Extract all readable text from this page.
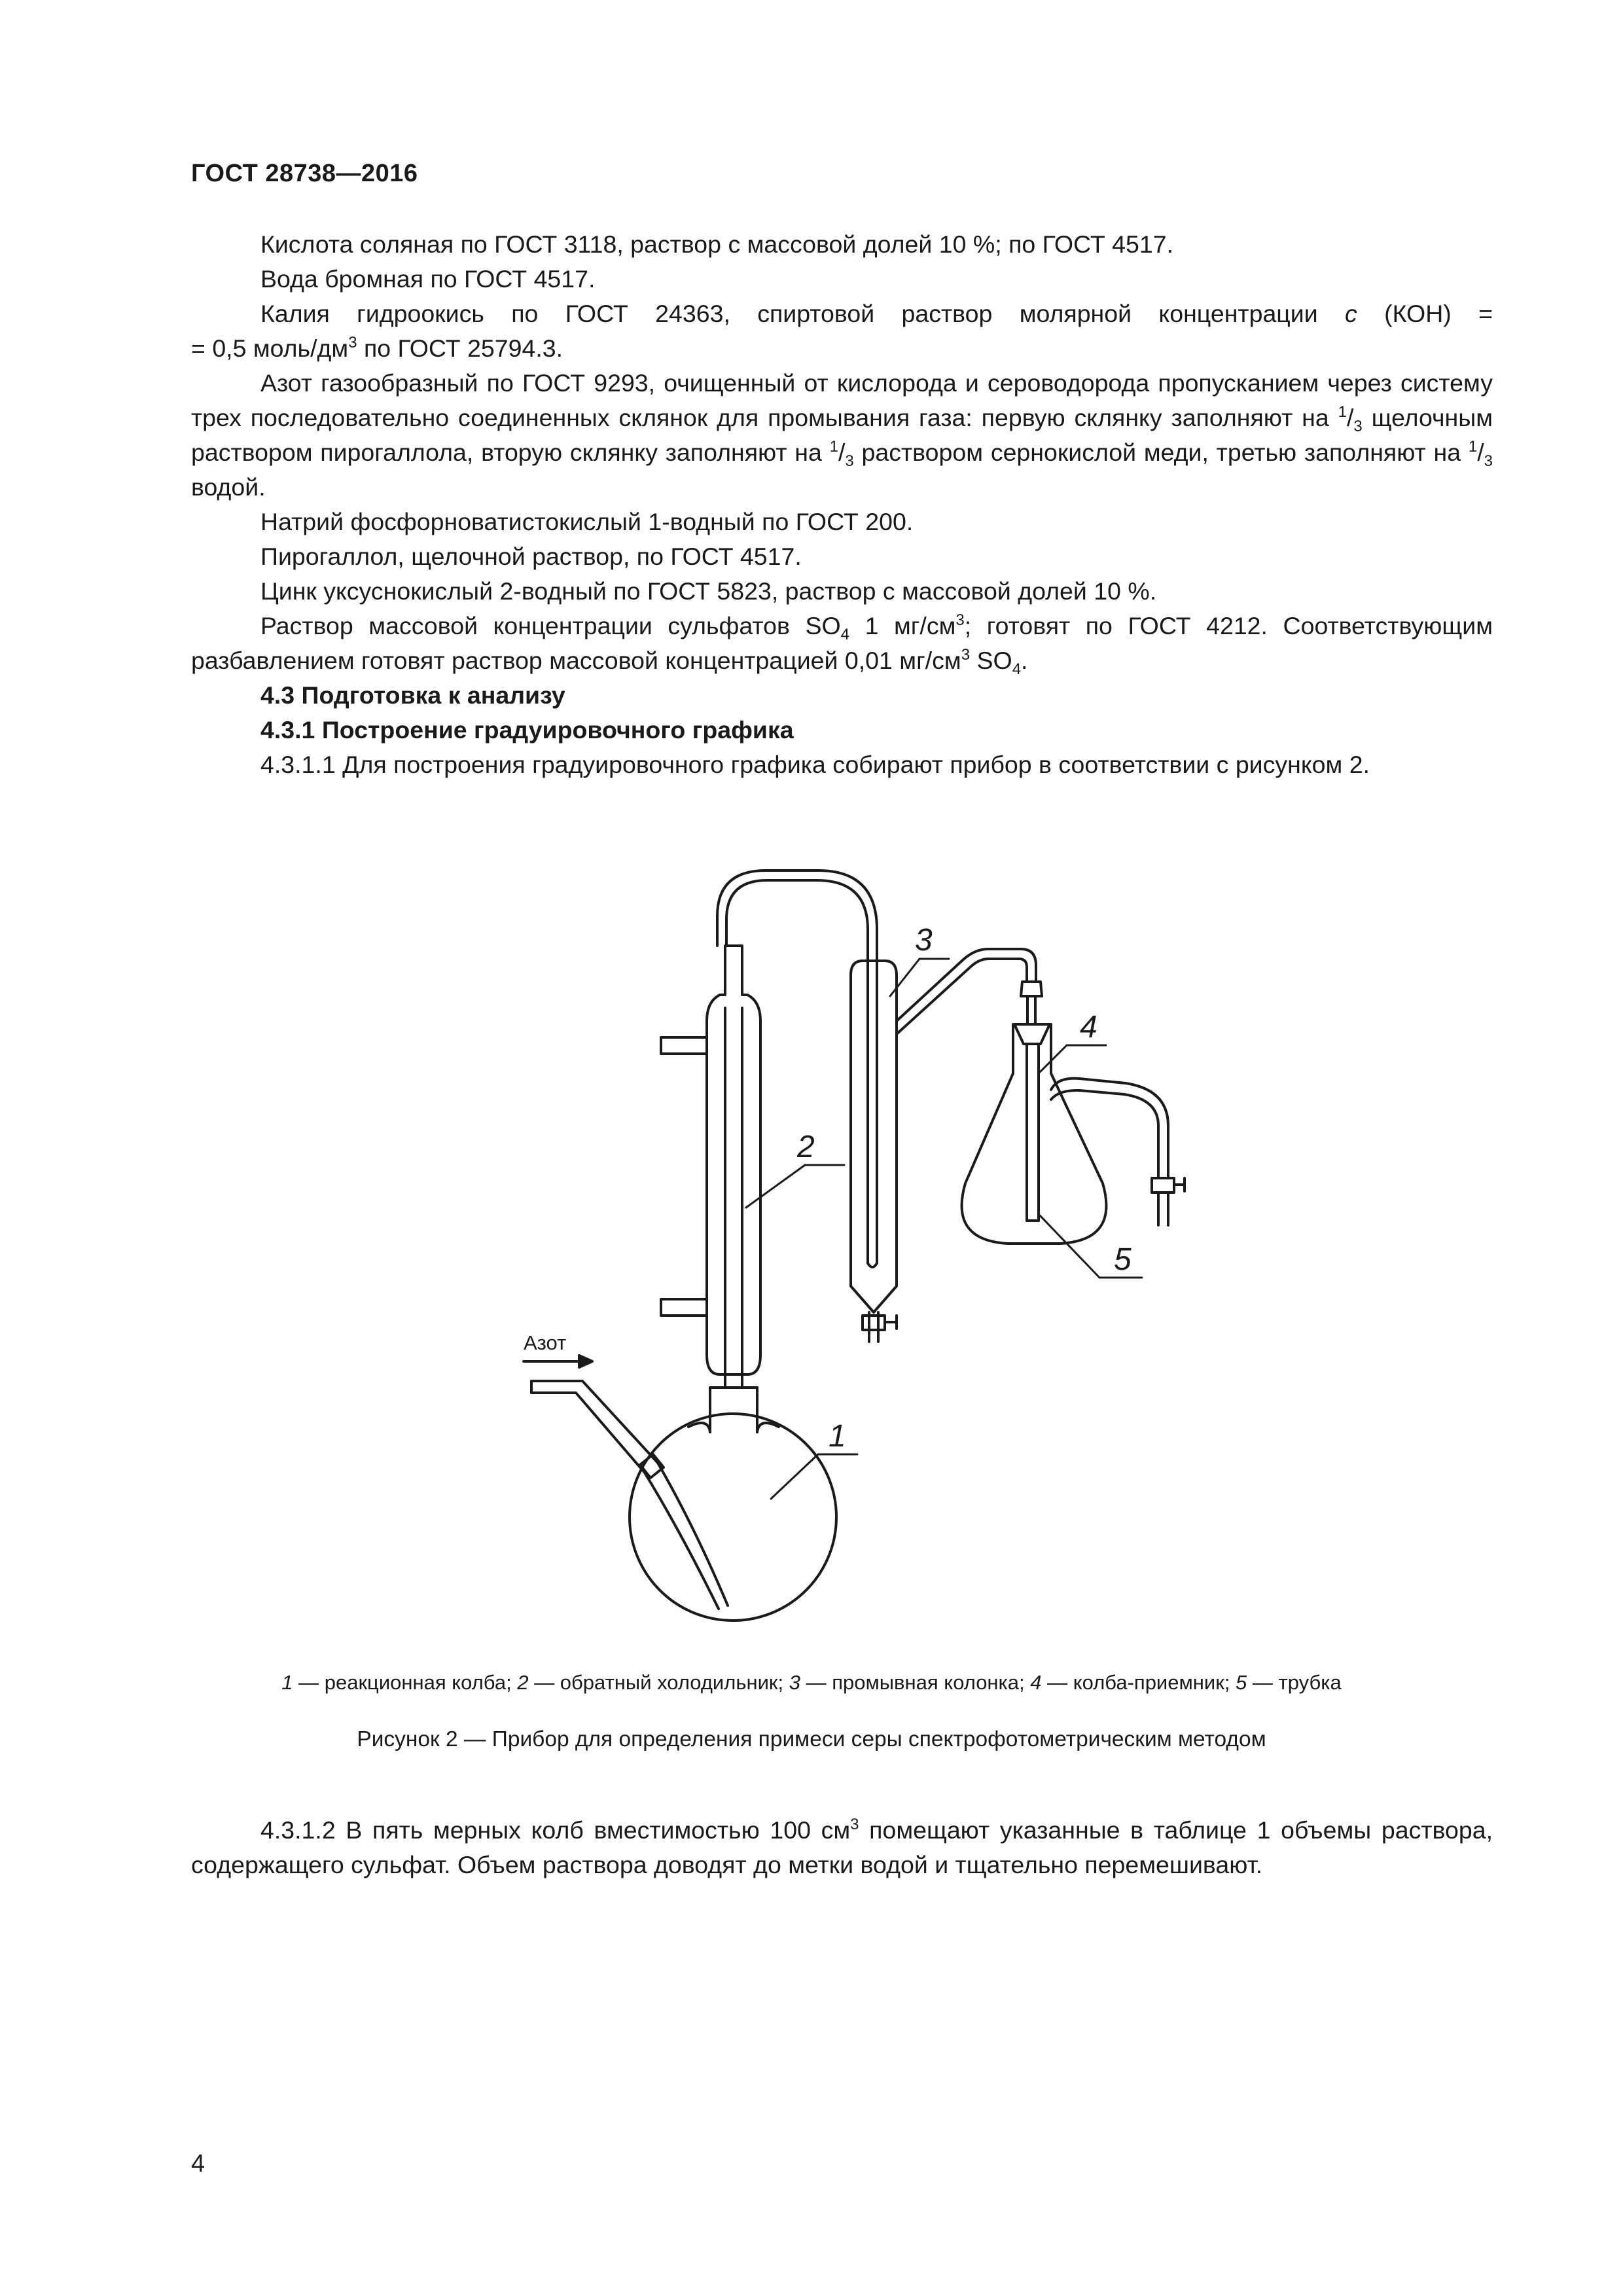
ГОСТ 28738—2016

Кислота соляная по ГОСТ 3118, раствор с массовой долей 10 %; по ГОСТ 4517.

Вода бромная по ГОСТ 4517.

Калия гидроокись по ГОСТ 24363, спиртовой раствор молярной концентрации c (КОН) =

= 0,5 моль/$дм^3$ по ГОСТ 25794.3.

Азот газообразный по ГОСТ 9293, очищенный от кислорода и сероводорода пропусканием через систему трех последовательно соединенных склянок для промывания газа: первую склянку заполняют на $^1/_3$ щелочным раствором пирогаллола, вторую склянку заполняют на $^1/_3$ раствором сернокислой меди, третью заполняют на $^1/_3$ водой.

Натрий фосфорноватистокислый 1-водный по ГОСТ 200.

Пирогаллол, щелочной раствор, по ГОСТ 4517.

Цинк уксуснокислый 2-водный по ГОСТ 5823, раствор с массовой долей 10 %.

Раствор массовой концентрации сульфатов $SO_4$ 1 $мг/см^3$; готовят по ГОСТ 4212. Соответствующим разбавлением готовят раствор массовой концентрацией 0,01 $мг/см^3$ $SO_4$.

4.3 Подготовка к анализу

4.3.1 Построение градуировочного графика

4.3.1.1 Для построения градуировочного графика собирают прибор в соответствии с рисунком 2.

2
3
4
5
1
Азот
1 — реакционная колба; 2 — обратный холодильник; 3 — промывная колонка; 4 — колба-приемник; 5 — трубка
Рисунок 2 — Прибор для определения примеси серы спектрофотометрическим методом

4.3.1.2 В пять мерных колб вместимостью 100 $см^3$ помещают указанные в таблице 1 объемы раствора, содержащего сульфат. Объем раствора доводят до метки водой и тщательно перемешивают.

4
